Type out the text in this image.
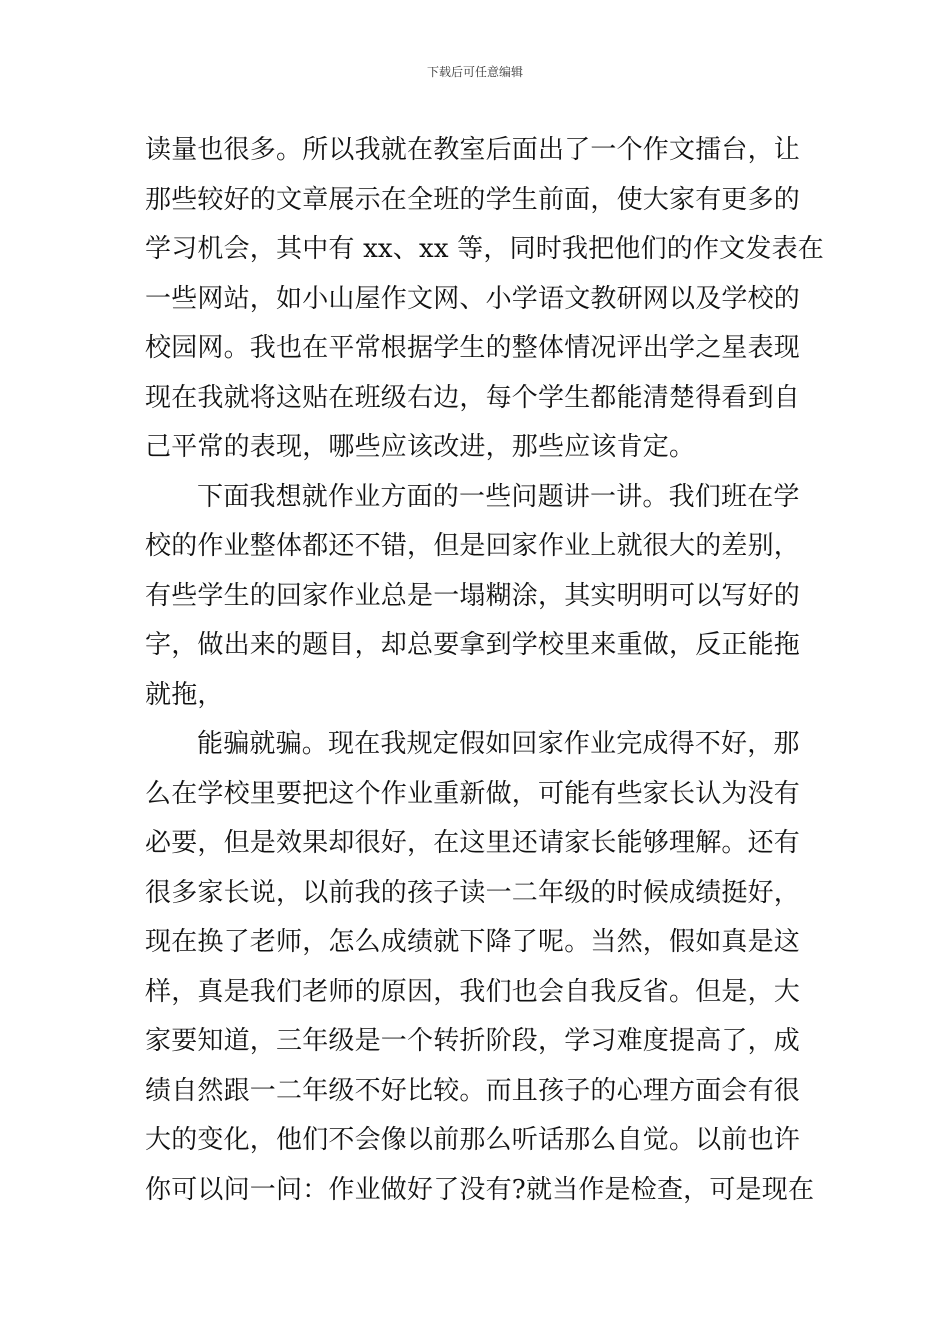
下载后可任意编辑
读量也很多。所以我就在教室后面出了一个作文擂台，让
那些较好的文章展示在全班的学生前面，使大家有更多的
学习机会，其中有 xx、xx 等，同时我把他们的作文发表在
一些网站，如小山屋作文网、小学语文教研网以及学校的
校园网。我也在平常根据学生的整体情况评出学之星表现
现在我就将这贴在班级右边，每个学生都能清楚得看到自
己平常的表现，哪些应该改进，那些应该肯定。
下面我想就作业方面的一些问题讲一讲。我们班在学
校的作业整体都还不错，但是回家作业上就很大的差别，
有些学生的回家作业总是一塌糊涂，其实明明可以写好的
字，做出来的题目，却总要拿到学校里来重做，反正能拖
就拖，
能骗就骗。现在我规定假如回家作业完成得不好，那
么在学校里要把这个作业重新做，可能有些家长认为没有
必要，但是效果却很好，在这里还请家长能够理解。还有
很多家长说，以前我的孩子读一二年级的时候成绩挺好，
现在换了老师，怎么成绩就下降了呢。当然，假如真是这
样，真是我们老师的原因，我们也会自我反省。但是，大
家要知道，三年级是一个转折阶段，学习难度提高了，成
绩自然跟一二年级不好比较。而且孩子的心理方面会有很
大的变化，他们不会像以前那么听话那么自觉。以前也许
你可以问一问：作业做好了没有?就当作是检查，可是现在
